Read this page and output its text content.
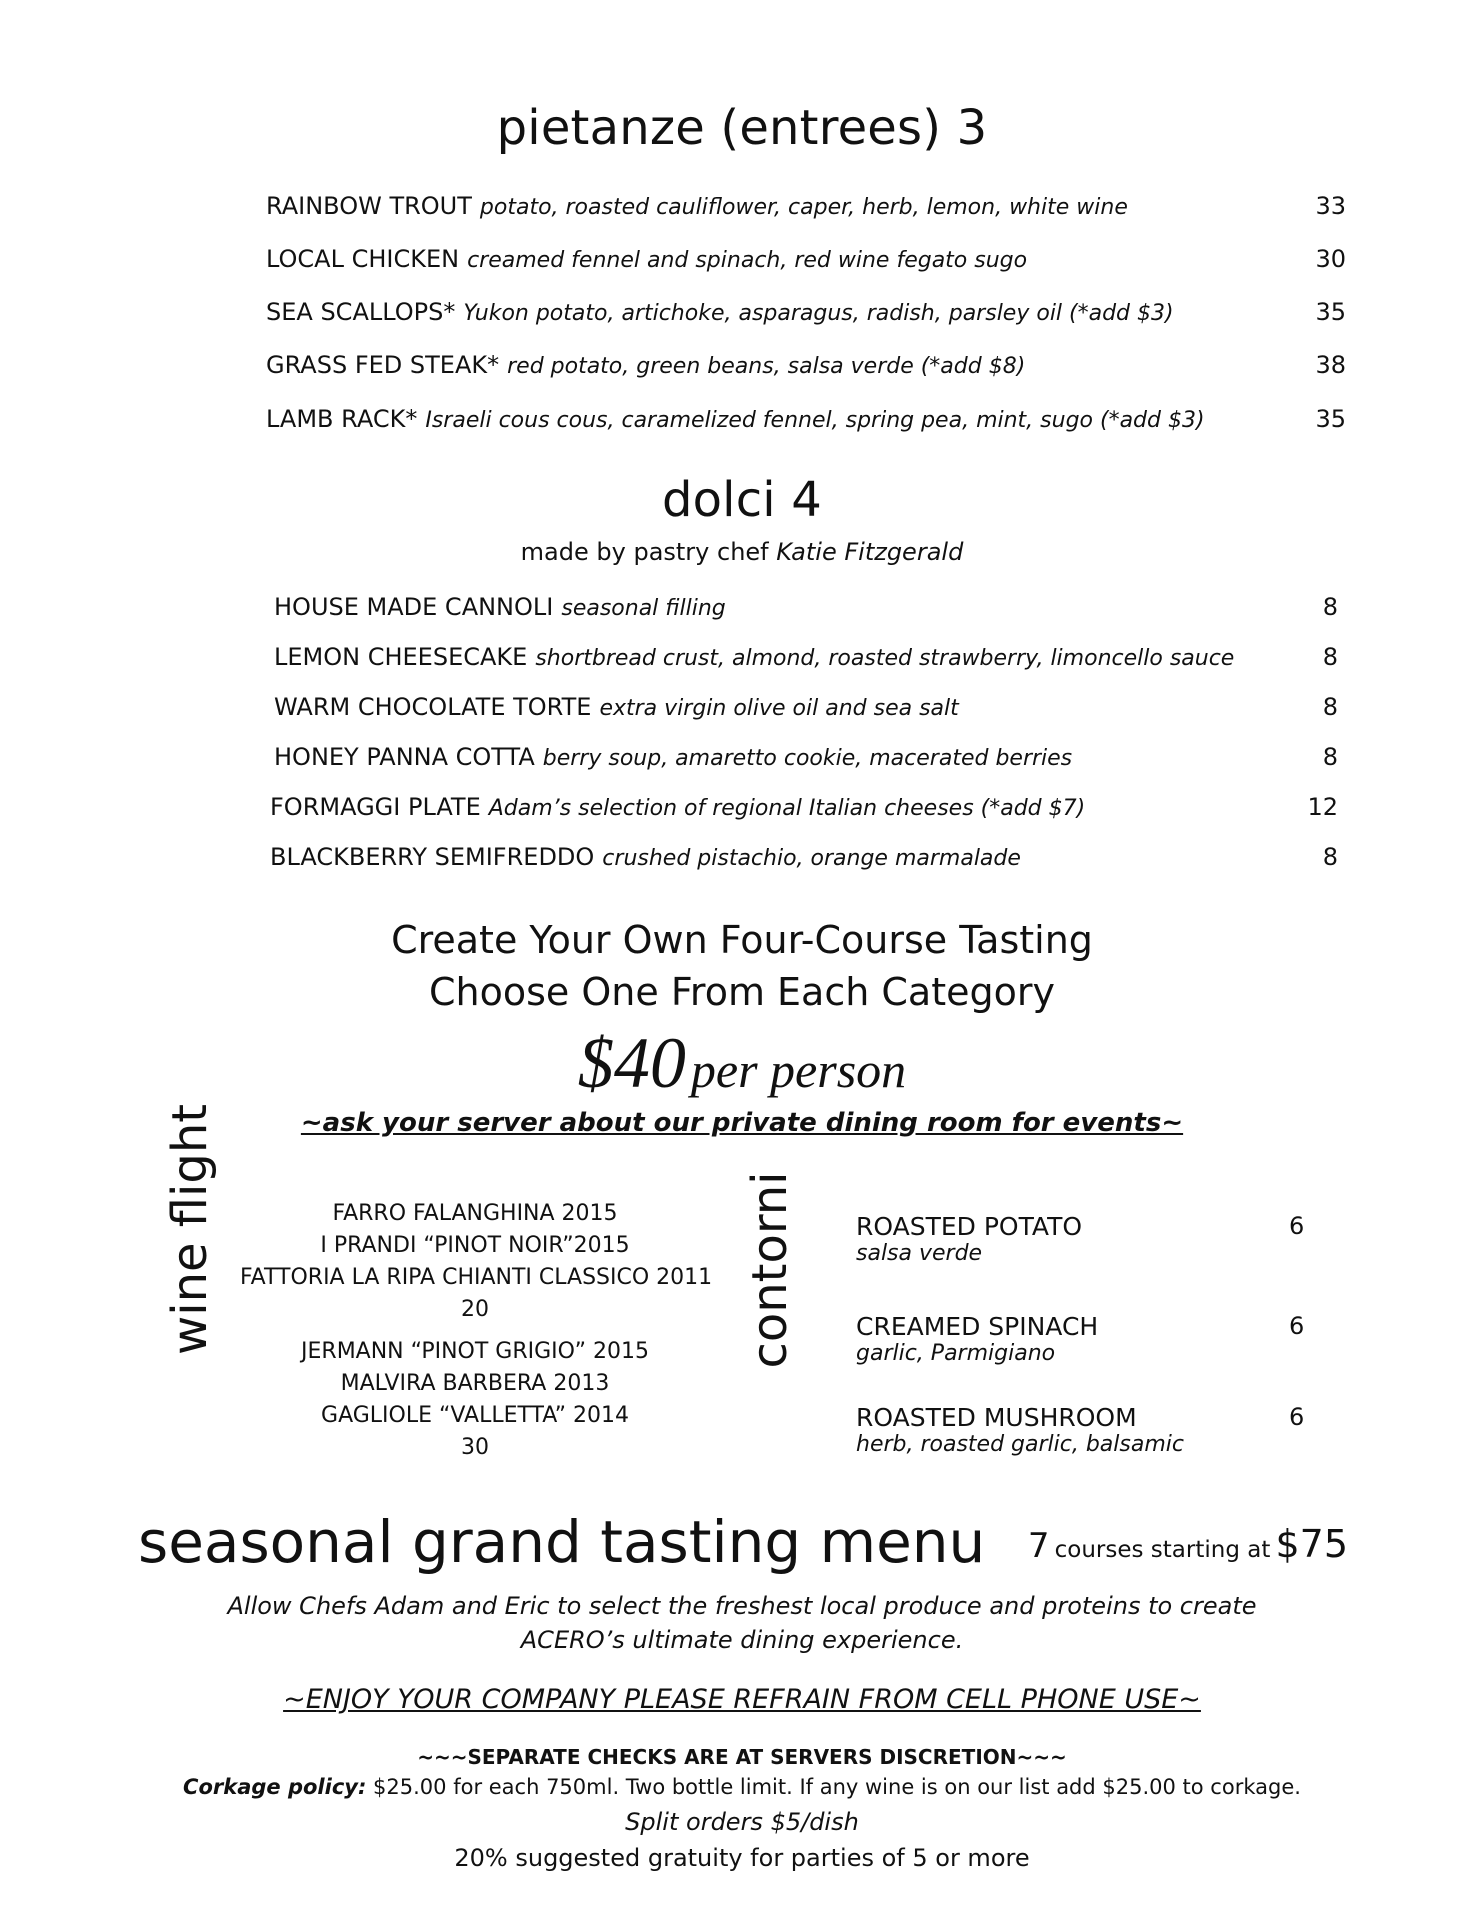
pietanze (entrees) 3
RAINBOW TROUT potato, roasted cauliflower, caper, herb, lemon, white wine	33
LOCAL CHICKEN creamed fennel and spinach, red wine fegato sugo	30
SEA SCALLOPS* Yukon potato, artichoke, asparagus, radish, parsley oil (*add $3)	35
GRASS FED STEAK* red potato, green beans, salsa verde (*add $8)	38
LAMB RACK* Israeli cous cous, caramelized fennel, spring pea, mint, sugo (*add $3)	35
dolci 4
made by pastry chef Katie Fitzgerald
HOUSE MADE CANNOLI seasonal filling	8
LEMON CHEESECAKE shortbread crust, almond, roasted strawberry, limoncello sauce	8
WARM CHOCOLATE TORTE extra virgin olive oil and sea salt	8
HONEY PANNA COTTA berry soup, amaretto cookie, macerated berries	8
FORMAGGI PLATE Adam’s selection of regional Italian cheeses (*add $7)	12
BLACKBERRY SEMIFREDDO crushed pistachio, orange marmalade	8
Create Your Own Four-Course Tasting
Choose One From Each Category
$40 per person
~ask your server about our private dining room for events~
wine flight	FARRO FALANGHINA 2015
I PRANDI “PINOT NOIR”2015
FATTORIA LA RIPA CHIANTI CLASSICO 2011
20
JERMANN “PINOT GRIGIO” 2015
MALVIRA BARBERA 2013
GAGLIOLE “VALLETTA” 2014
30
contorni ROASTED POTATO
salsa verde
6
CREAMED SPINACH
garlic, Parmigiano
6
ROASTED MUSHROOM
herb, roasted garlic, balsamic
6
seasonal grand tasting menu 7 courses starting at $75
Allow Chefs Adam and Eric to select the freshest local produce and proteins to create
ACERO’s ultimate dining experience.
~ENJOY YOUR COMPANY PLEASE REFRAIN FROM CELL PHONE USE~
~~~SEPARATE CHECKS ARE AT SERVERS DISCRETION~~~
Corkage policy: $25.00 for each 750ml. Two bottle limit. If any wine is on our list add $25.00 to corkage.
Split orders $5/dish
20% suggested gratuity for parties of 5 or more
